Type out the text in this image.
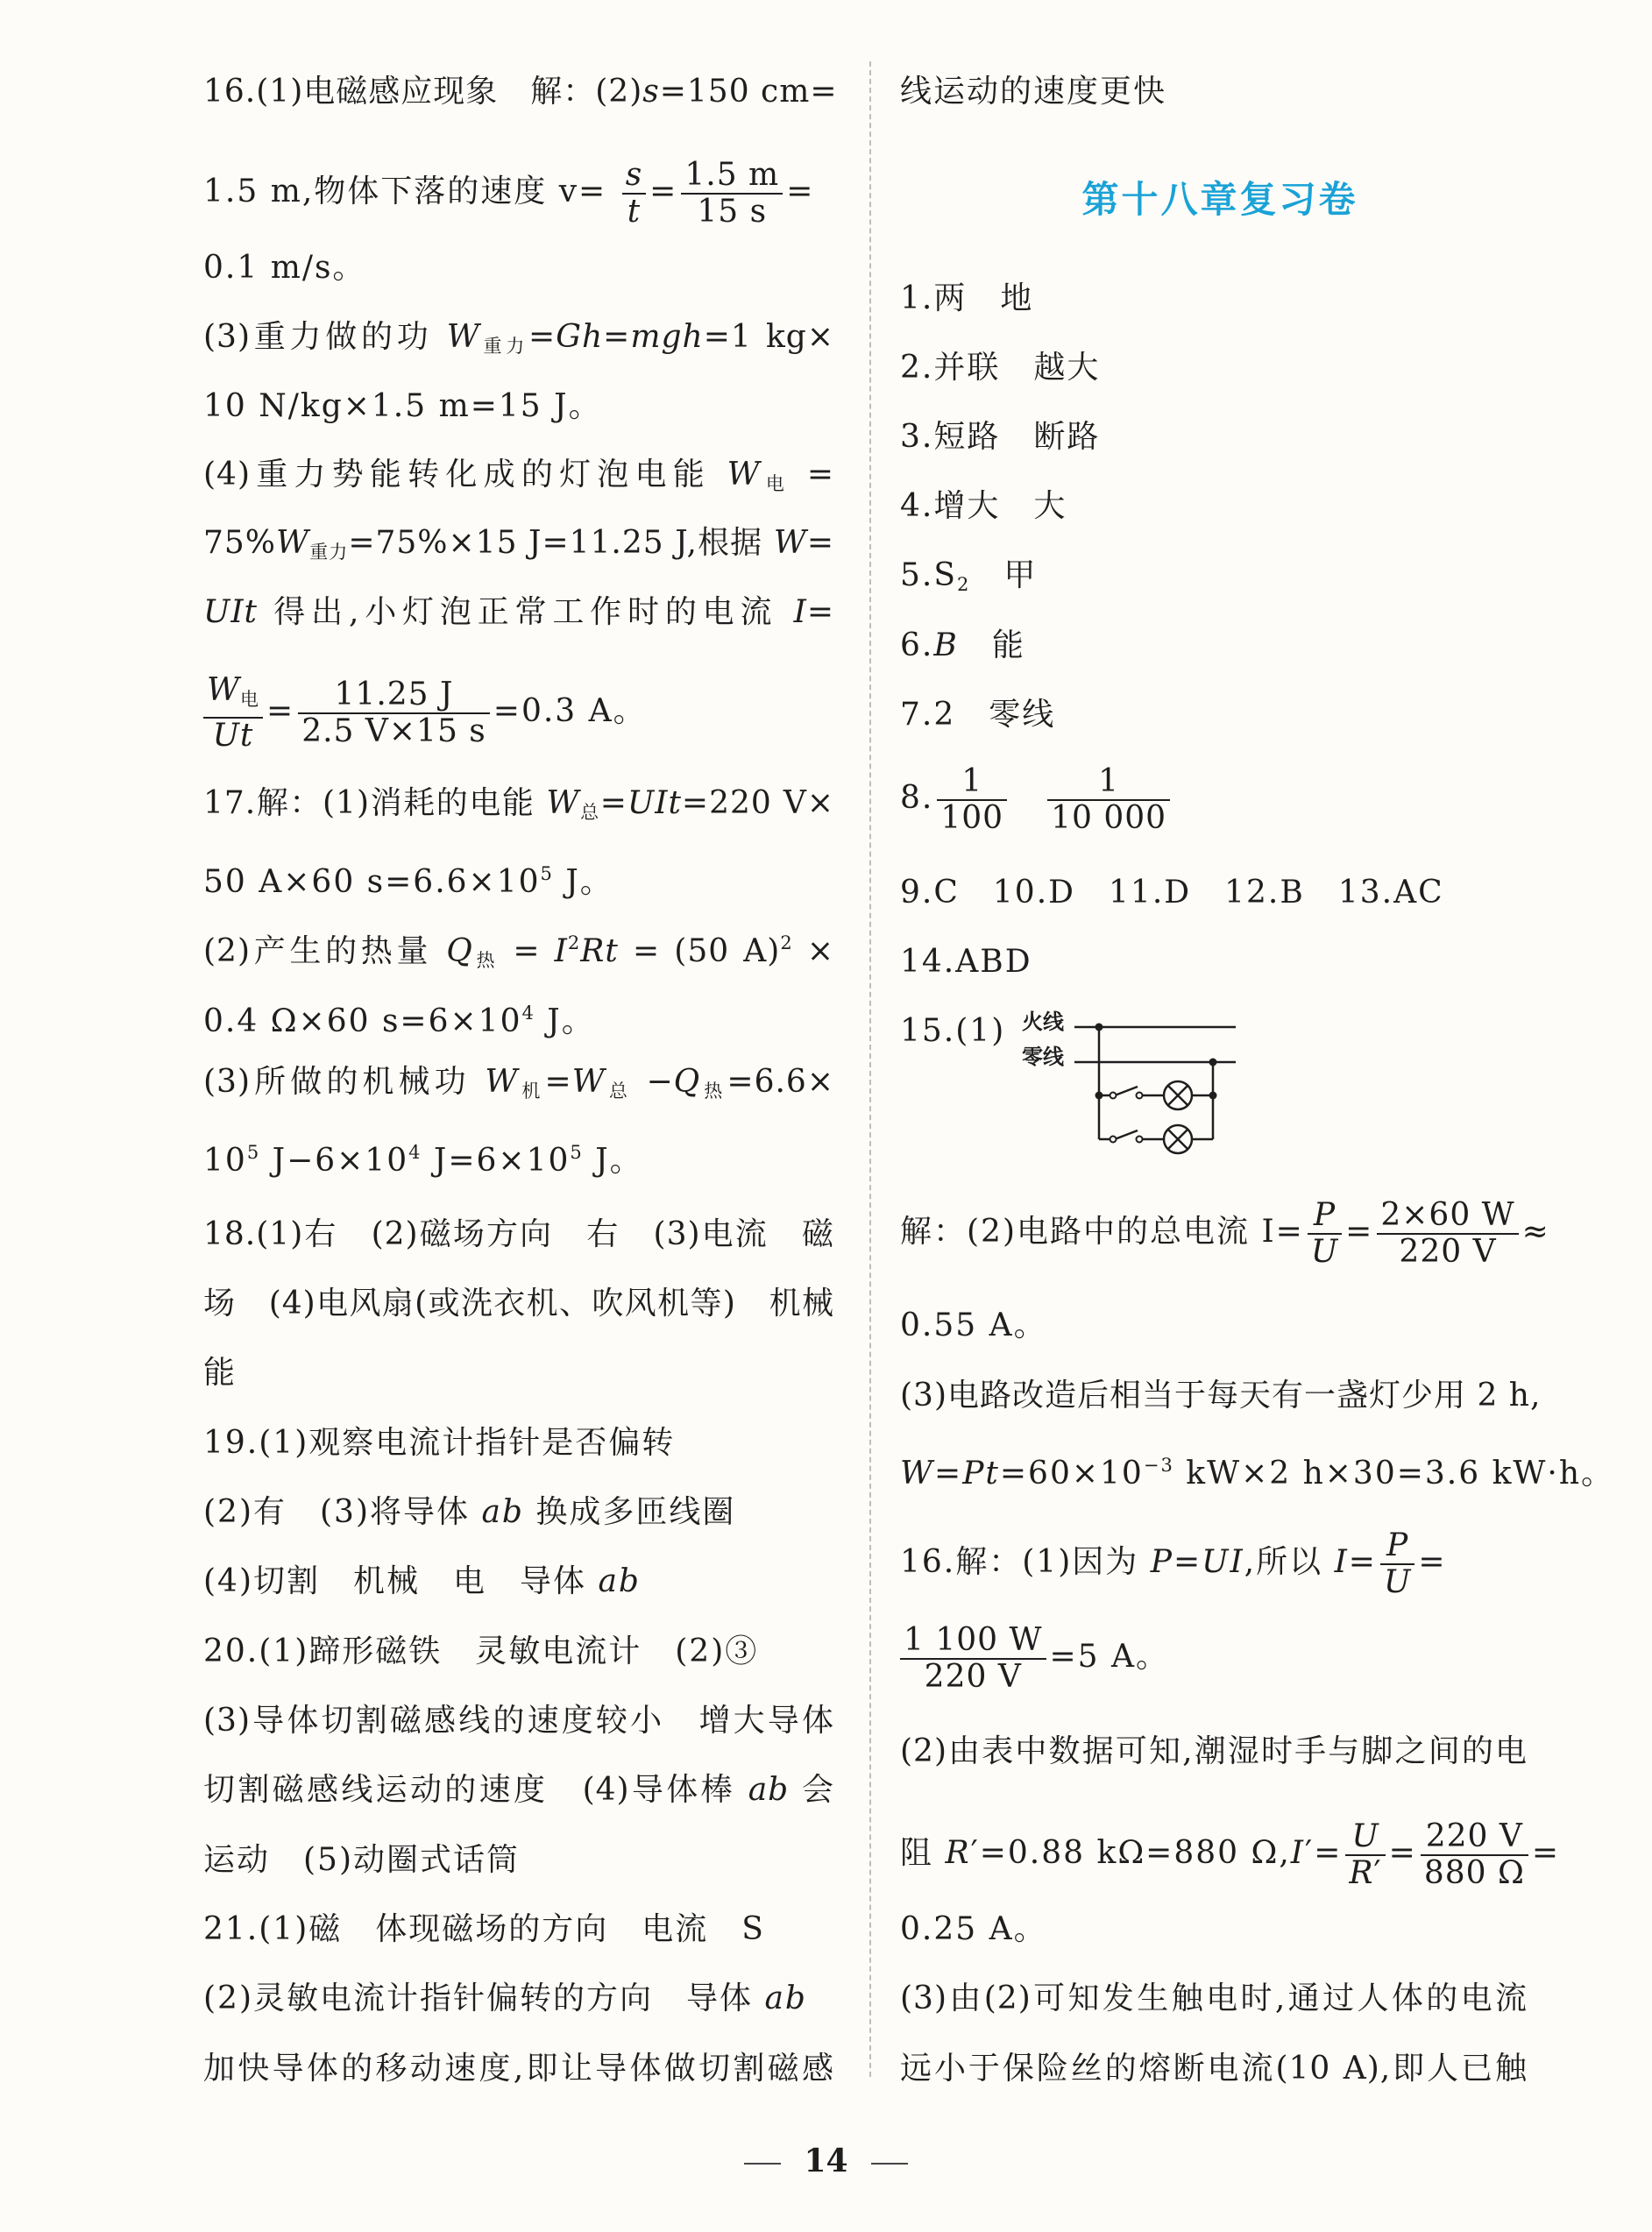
16.(1)电磁感应现象　解：(2)s=150 cm=
1.5 m,物体下落的速度 $v= \frac{s}{t} = \frac{1.5 m}{15 s}$ =
0.1 m/s。
(3)重力做的功 $W_{重力}=Gh=mgh=1$ kg×
10 N/kg×1.5 m=15 J。
(4)重力势能转化成的灯泡电能 $W_电$ =
$75\%W_{重力}=75\%\times 15$ J=11.25 J,根据 W=
UIt 得出,小灯泡正常工作时的电流 I=
$\frac{W_电}{Ut} = \frac{11.25 J}{2.5 V\times 15 s} =0.3$ A。
17.解：(1)消耗的电能 $W_总=UIt=220$ V×
50 A×60 $s=6.6\times 10^5$ J。
(2)产生的热量 $Q_热 = I^2Rt = (50$ A)$^2$ ×
0.4 Ω×60 $s=6\times 10^4$ J。
(3)所做的机械功 $W_机=W_总 -Q_热=6.6\times$
$10^5$ $J-6\times 10^4$ $J=6\times 10^5$ J。
18.(1)右　(2)磁场方向　右　(3)电流　磁
场　(4)电风扇(或洗衣机、吹风机等)　机械
能
19.(1)观察电流计指针是否偏转
(2)有　(3)将导体 ab 换成多匝线圈
(4)切割　机械　电　导体 ab
20.(1)蹄形磁铁　灵敏电流计　(2)③
(3)导体切割磁感线的速度较小　增大导体
切割磁感线运动的速度　(4)导体棒 ab 会
运动　(5)动圈式话筒
21.(1)磁　体现磁场的方向　电流　S
(2)灵敏电流计指针偏转的方向　导体 ab
加快导体的移动速度,即让导体做切割磁感
线运动的速度更快
1.两　地
2.并联　越大
3.短路　断路
4.增大　大
$5.S_2$　甲
6.B　能
7.2　零线
8. $\frac{1}{100}$
　 $\frac{1}{10 000}$
9.C　10.D　11.D　12.B　13.AC
14.ABD
15.(1)
解：(2)电路中的总电流 $I= \frac{P}{U} = \frac{2\times 60 W}{220 V}$ ≈
0.55 A。
(3)电路改造后相当于每天有一盏灯少用 2 h,
$W=Pt=60\times 10^{-3}$ kW×2 h×30=3.6 kW·h。
16.解：(1)因为 P=UI,所以 $I= \frac{P}{U}$ =
$\frac{1 100 W}{220 V} =5$ A。
(2)由表中数据可知,潮湿时手与脚之间的电
阻 R′=0.88 kΩ=880 $\Omega,I'= \frac{U}{R'} = \frac{220 V}{880 \Omega}$ =
0.25 A。
(3)由(2)可知发生触电时,通过人体的电流
远小于保险丝的熔断电流(10 A),即人已触
第十八章复习卷
火线
零线
14
